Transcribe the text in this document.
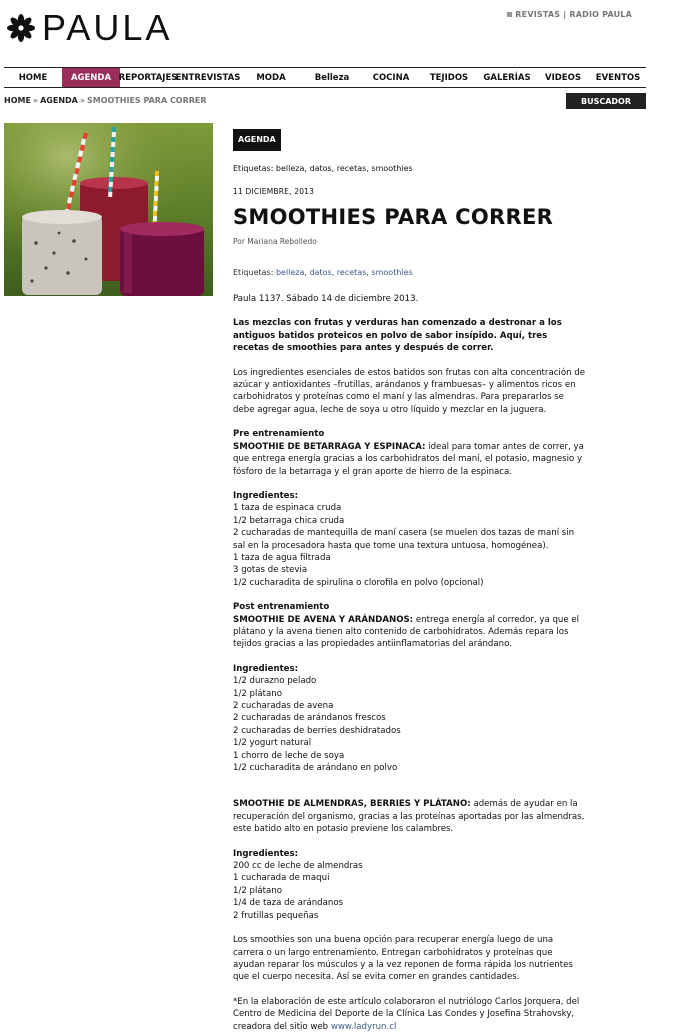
PAULA	REVISTAS | RADIO PAULA
HOME	AGENDA REPORTAJES
ENTREVISTAS	MODA	Belleza	COCINA	TEJIDOS	GALERÍAS	VIDEOS	EVENTOS
HOME » AGENDA » SMOOTHIES PARA CORRER	BUSCADOR
AGENDA
Etiquetas: belleza, datos, recetas, smoothies
11 DICIEMBRE, 2013
SMOOTHIES PARA CORRER
Por Mariana Rebolledo
Etiquetas: belleza, datos, recetas, smoothies

Paula 1137. Sábado 14 de diciembre 2013.

Las mezclas con frutas y verduras han comenzado a destronar a los antiguos batidos proteicos en polvo de sabor insípido. Aquí, tres recetas de smoothies para antes y después de correr.

Los ingredientes esenciales de estos batidos son frutas con alta concentración de azúcar y antioxidantes –frutillas, arándanos y frambuesas– y alimentos ricos en carbohidratos y proteínas como el maní y las almendras. Para prepararlos se debe agregar agua, leche de soya u otro líquido y mezclar en la juguera.

Pre entrenamiento

SMOOTHIE DE BETARRAGA Y ESPINACA: ideal para tomar antes de correr, ya que entrega energía gracias a los carbohidratos del maní, el potasio, magnesio y fósforo de la betarraga y el gran aporte de hierro de la espinaca.

Ingredientes:

1 taza de espinaca cruda

1/2 betarraga chica cruda

2 cucharadas de mantequilla de maní casera (se muelen dos tazas de maní sin sal en la procesadora hasta que tome una textura untuosa, homogénea).

1 taza de agua filtrada

3 gotas de stevia

1/2 cucharadita de spirulina o clorofila en polvo (opcional)

Post entrenamiento

SMOOTHIE DE AVENA Y ARÁNDANOS: entrega energía al corredor, ya que el plátano y la avena tienen alto contenido de carbohidratos. Además repara los tejidos gracias a las propiedades antiinflamatorias del arándano.

Ingredientes:

1/2 durazno pelado

1/2 plátano

2 cucharadas de avena

2 cucharadas de arándanos frescos

2 cucharadas de berries deshidratados

1/2 yogurt natural

1 chorro de leche de soya

1/2 cucharadita de arándano en polvo

SMOOTHIE DE ALMENDRAS, BERRIES Y PLÁTANO: además de ayudar en la recuperación del organismo, gracias a las proteínas aportadas por las almendras, este batido alto en potasio previene los calambres.

Ingredientes:

200 cc de leche de almendras

1 cucharada de maqui

1/2 plátano

1/4 de taza de arándanos

2 frutillas pequeñas

Los smoothies son una buena opción para recuperar energía luego de una carrera o un largo entrenamiento. Entregan carbohidratos y proteínas que ayudan reparar los músculos y a la vez reponen de forma rápida los nutrientes que el cuerpo necesita. Así se evita comer en grandes cantidades.

*En la elaboración de este artículo colaboraron el nutriólogo Carlos Jorquera, del Centro de Medicina del Deporte de la Clínica Las Condes y Josefina Strahovsky, creadora del sitio web www.ladyrun.cl
